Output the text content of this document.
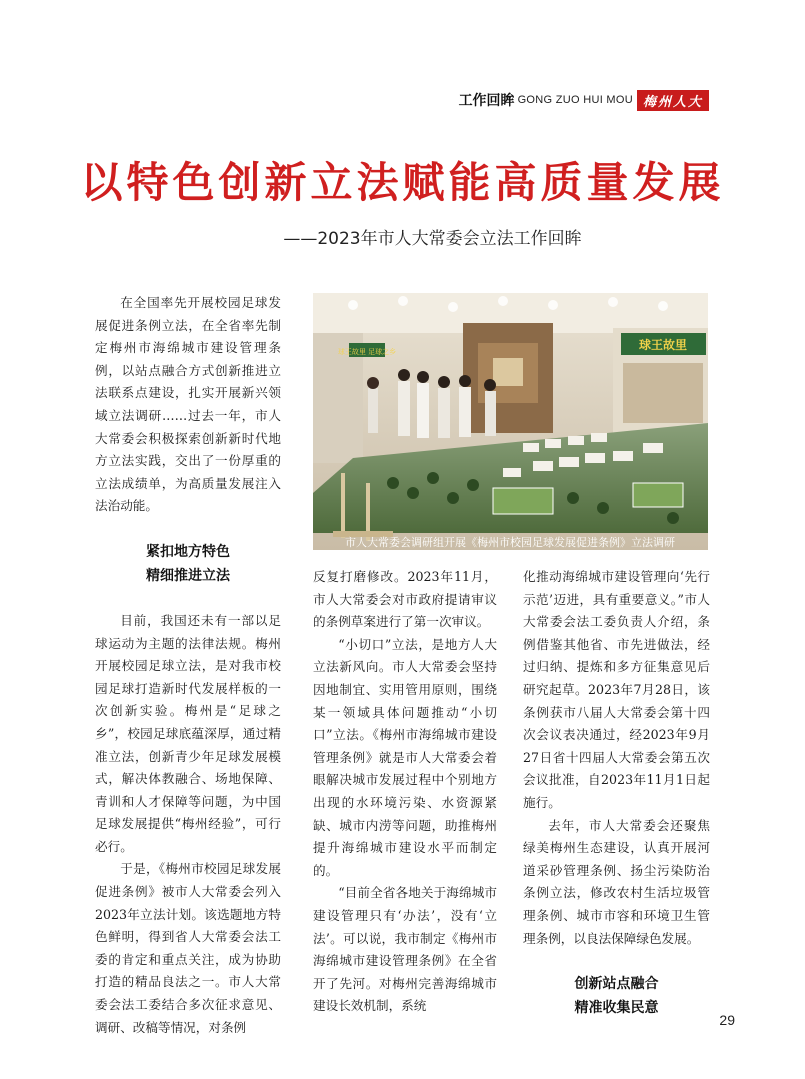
工作回眸 GONG ZUO HUI MOU 梅州人大
以特色创新立法赋能高质量发展
——2023年市人大常委会立法工作回眸

在全国率先开展校园足球发展促进条例立法，在全省率先制定梅州市海绵城市建设管理条例，以站点融合方式创新推进立法联系点建设，扎实开展新兴领域立法调研……过去一年，市人大常委会积极探索创新新时代地方立法实践，交出了一份厚重的立法成绩单，为高质量发展注入法治动能。

紧扣地方特色
精细推进立法

目前，我国还未有一部以足球运动为主题的法律法规。梅州开展校园足球立法，是对我市校园足球打造新时代发展样板的一次创新实验。梅州是“足球之乡”，校园足球底蕴深厚，通过精准立法，创新青少年足球发展模式，解决体教融合、场地保障、青训和人才保障等问题，为中国足球发展提供“梅州经验”，可行必行。

于是，《梅州市校园足球发展促进条例》被市人大常委会列入2023年立法计划。该选题地方特色鲜明，得到省人大常委会法工委的肯定和重点关注，成为协助打造的精品良法之一。市人大常委会法工委结合多次征求意见、调研、改稿等情况，对条例

球王故里
球王故里 足球之乡
市人大常委会调研组开展《梅州市校园足球发展促进条例》立法调研

反复打磨修改。2023年11月，市人大常委会对市政府提请审议的条例草案进行了第一次审议。

“小切口”立法，是地方人大立法新风向。市人大常委会坚持因地制宜、实用管用原则，围绕某一领域具体问题推动“小切口”立法。《梅州市海绵城市建设管理条例》就是市人大常委会着眼解决城市发展过程中个别地方出现的水环境污染、水资源紧缺、城市内涝等问题，助推梅州提升海绵城市建设水平而制定的。

“目前全省各地关于海绵城市建设管理只有‘办法’，没有‘立法’。可以说，我市制定《梅州市海绵城市建设管理条例》在全省开了先河。对梅州完善海绵城市建设长效机制，系统

化推动海绵城市建设管理向‘先行示范’迈进，具有重要意义。”市人大常委会法工委负责人介绍，条例借鉴其他省、市先进做法，经过归纳、提炼和多方征集意见后研究起草。2023年7月28日，该条例获市八届人大常委会第十四次会议表决通过，经2023年9月27日省十四届人大常委会第五次会议批准，自2023年11月1日起施行。

去年，市人大常委会还聚焦绿美梅州生态建设，认真开展河道采砂管理条例、扬尘污染防治条例立法，修改农村生活垃圾管理条例、城市市容和环境卫生管理条例，以良法保障绿色发展。

创新站点融合
精准收集民意
29
